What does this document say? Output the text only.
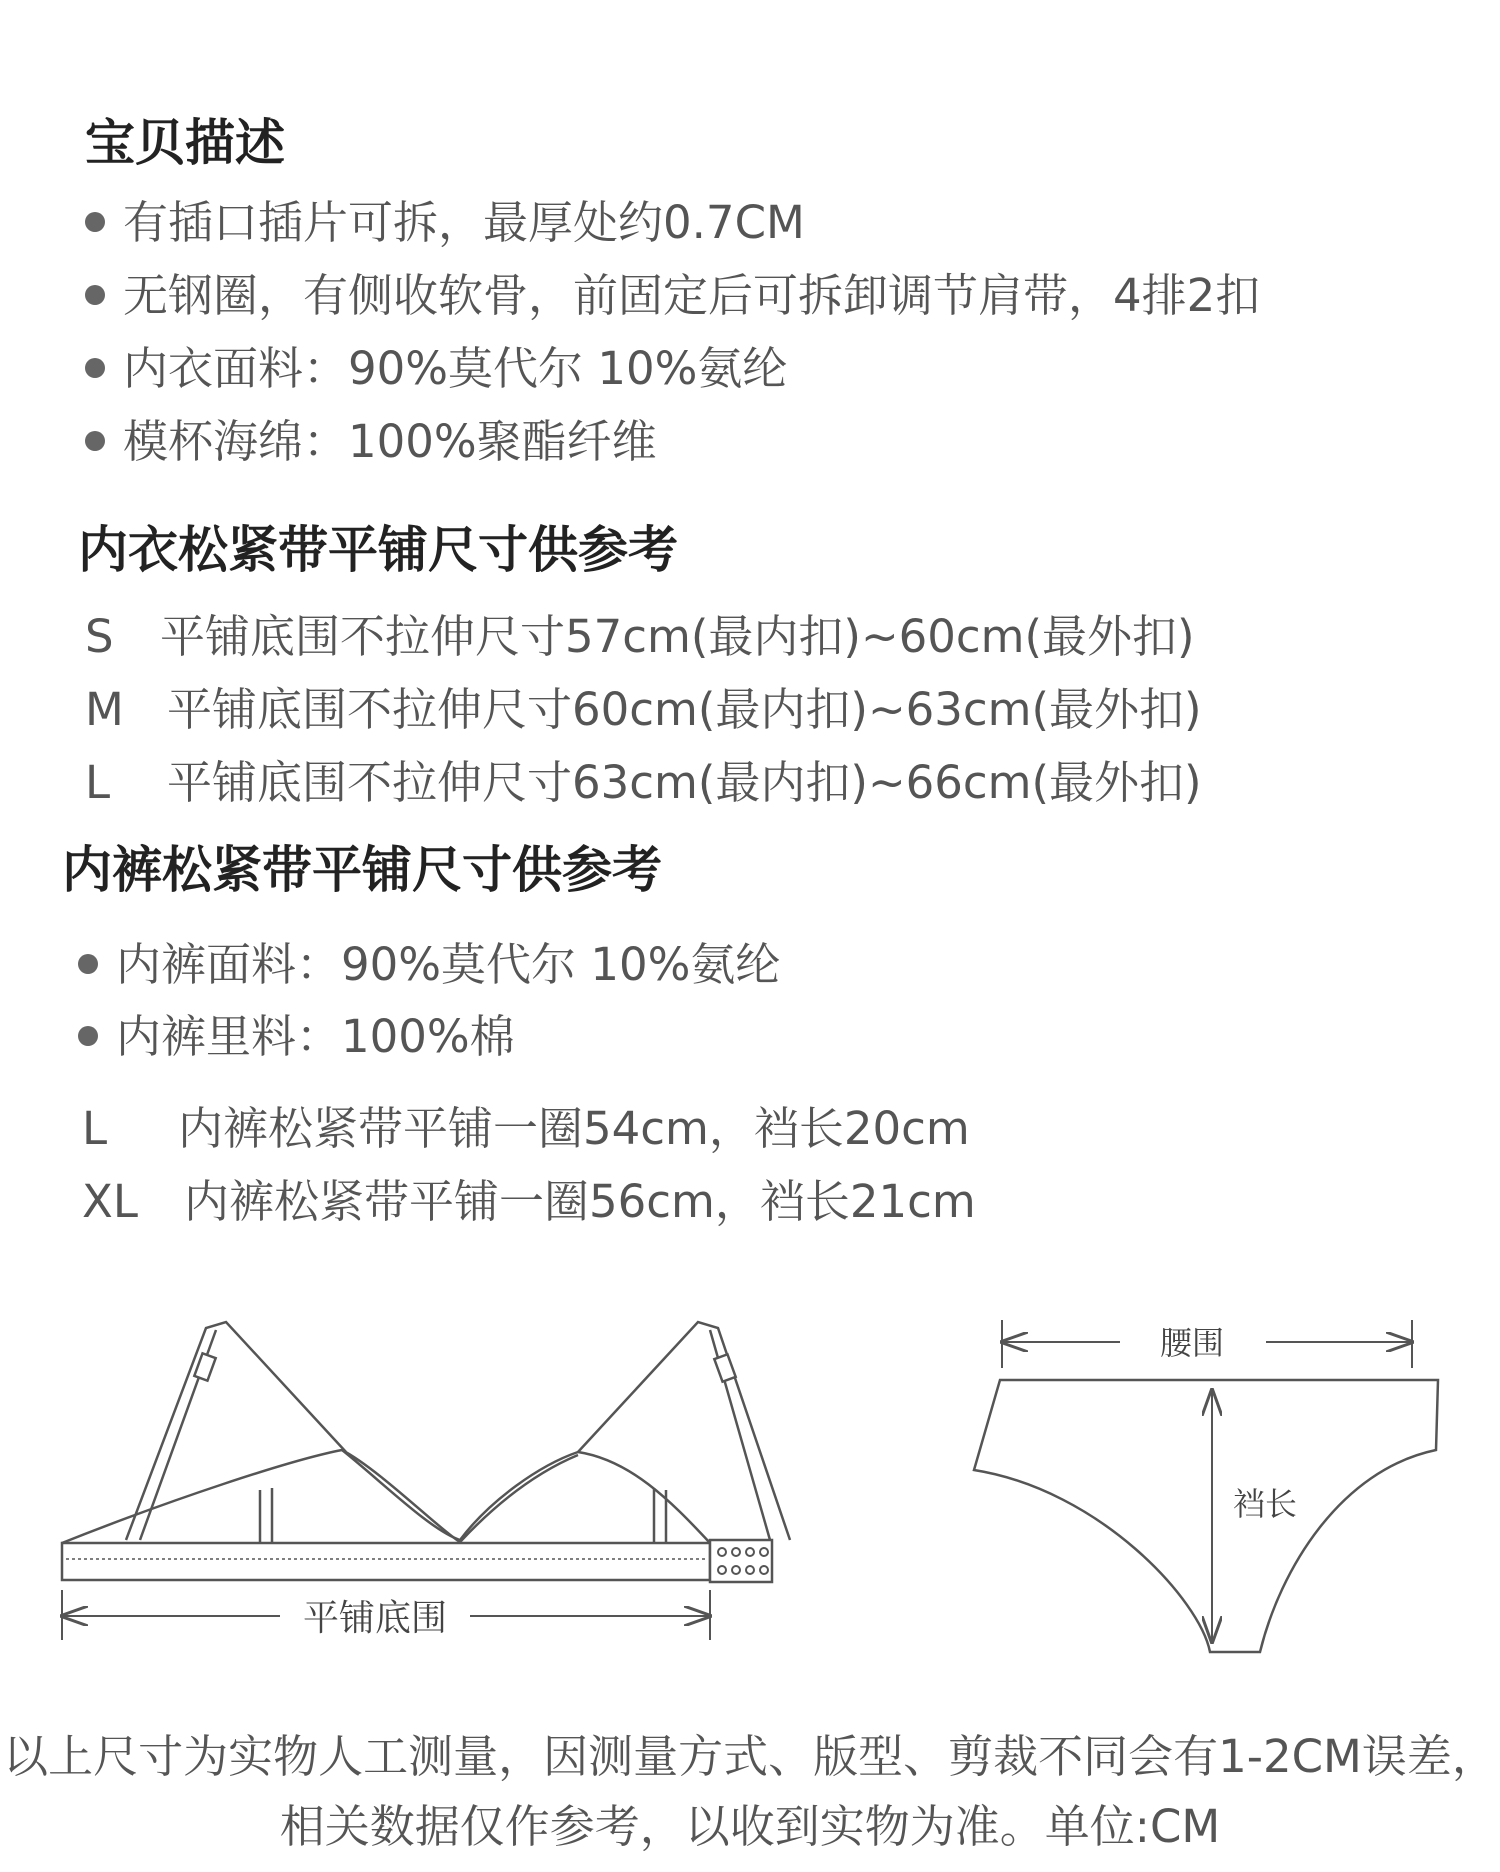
宝贝描述
有插口插片可拆，最厚处约0.7CM
无钢圈，有侧收软骨，前固定后可拆卸调节肩带，4排2扣
内衣面料：90%莫代尔 10%氨纶
模杯海绵：100%聚酯纤维
内衣松紧带平铺尺寸供参考
S 平铺底围不拉伸尺寸57cm(最内扣)~60cm(最外扣)
M 平铺底围不拉伸尺寸60cm(最内扣)~63cm(最外扣)
L 平铺底围不拉伸尺寸63cm(最内扣)~66cm(最外扣)
内裤松紧带平铺尺寸供参考
内裤面料：90%莫代尔 10%氨纶
内裤里料：100%棉
L 内裤松紧带平铺一圈54cm，裆长20cm
XL 内裤松紧带平铺一圈56cm，裆长21cm
平铺底围
腰围
裆长
以上尺寸为实物人工测量，因测量方式、版型、剪裁不同会有1-2CM误差，
相关数据仅作参考，以收到实物为准。单位:CM
